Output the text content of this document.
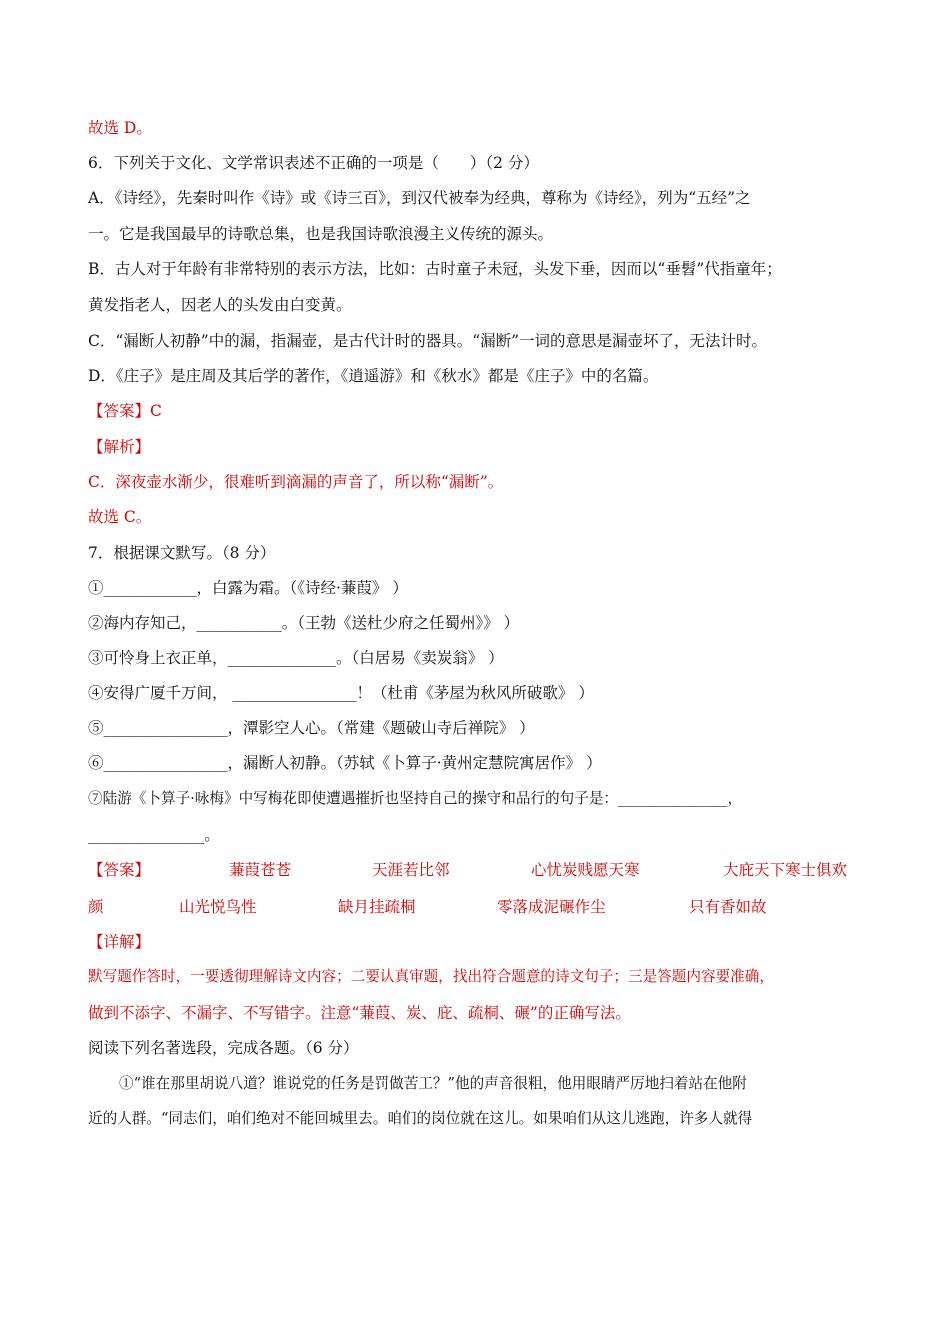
故选 D。
6．下列关于文化、文学常识表述不正确的一项是（　　）（2 分）
A．《诗经》，先秦时叫作《诗》或《诗三百》，到汉代被奉为经典，尊称为《诗经》，列为“五经”之
一。它是我国最早的诗歌总集，也是我国诗歌浪漫主义传统的源头。
B．古人对于年龄有非常特别的表示方法，比如：古时童子未冠，头发下垂，因而以“垂髫”代指童年；
黄发指老人，因老人的头发由白变黄。
C．“漏断人初静”中的漏，指漏壶，是古代计时的器具。“漏断”一词的意思是漏壶坏了，无法计时。
D．《庄子》是庄周及其后学的著作，《逍遥游》和《秋水》都是《庄子》中的名篇。
【答案】C
【解析】
C．深夜壶水渐少，很难听到滴漏的声音了，所以称“漏断”。
故选 C。
7．根据课文默写。（8 分）
①____________，白露为霜。（《诗经·蒹葭》 ）
②海内存知己，___________。（王勃《送杜少府之任蜀州》》 ）
③可怜身上衣正单，______________。（白居易《卖炭翁》 ）
④安得广厦千万间， ________________！（杜甫《茅屋为秋风所破歌》 ）
⑤________________，潭影空人心。（常建《题破山寺后禅院》 ）
⑥________________，漏断人初静。（苏轼《卜算子·黄州定慧院寓居作》 ）
⑦陆游《卜算子·咏梅》中写梅花即使遭遇摧折也坚持自己的操守和品行的句子是：_______________，
_______________。
【答案】	蒹葭苍苍	天涯若比邻	心忧炭贱愿天寒	大庇天下寒士俱欢
颜	山光悦鸟性	缺月挂疏桐	零落成泥碾作尘	只有香如故
【详解】
默写题作答时，一要透彻理解诗文内容；二要认真审题，找出符合题意的诗文句子；三是答题内容要准确，
做到不添字、不漏字、不写错字。注意“蒹葭、炭、庇、疏桐、碾”的正确写法。
阅读下列名著选段，完成各题。（6 分）
①“谁在那里胡说八道？谁说党的任务是罚做苦工？”他的声音很粗，他用眼睛严厉地扫着站在他附
近的人群。“同志们，咱们绝对不能回城里去。咱们的岗位就在这儿。如果咱们从这儿逃跑，许多人就得
